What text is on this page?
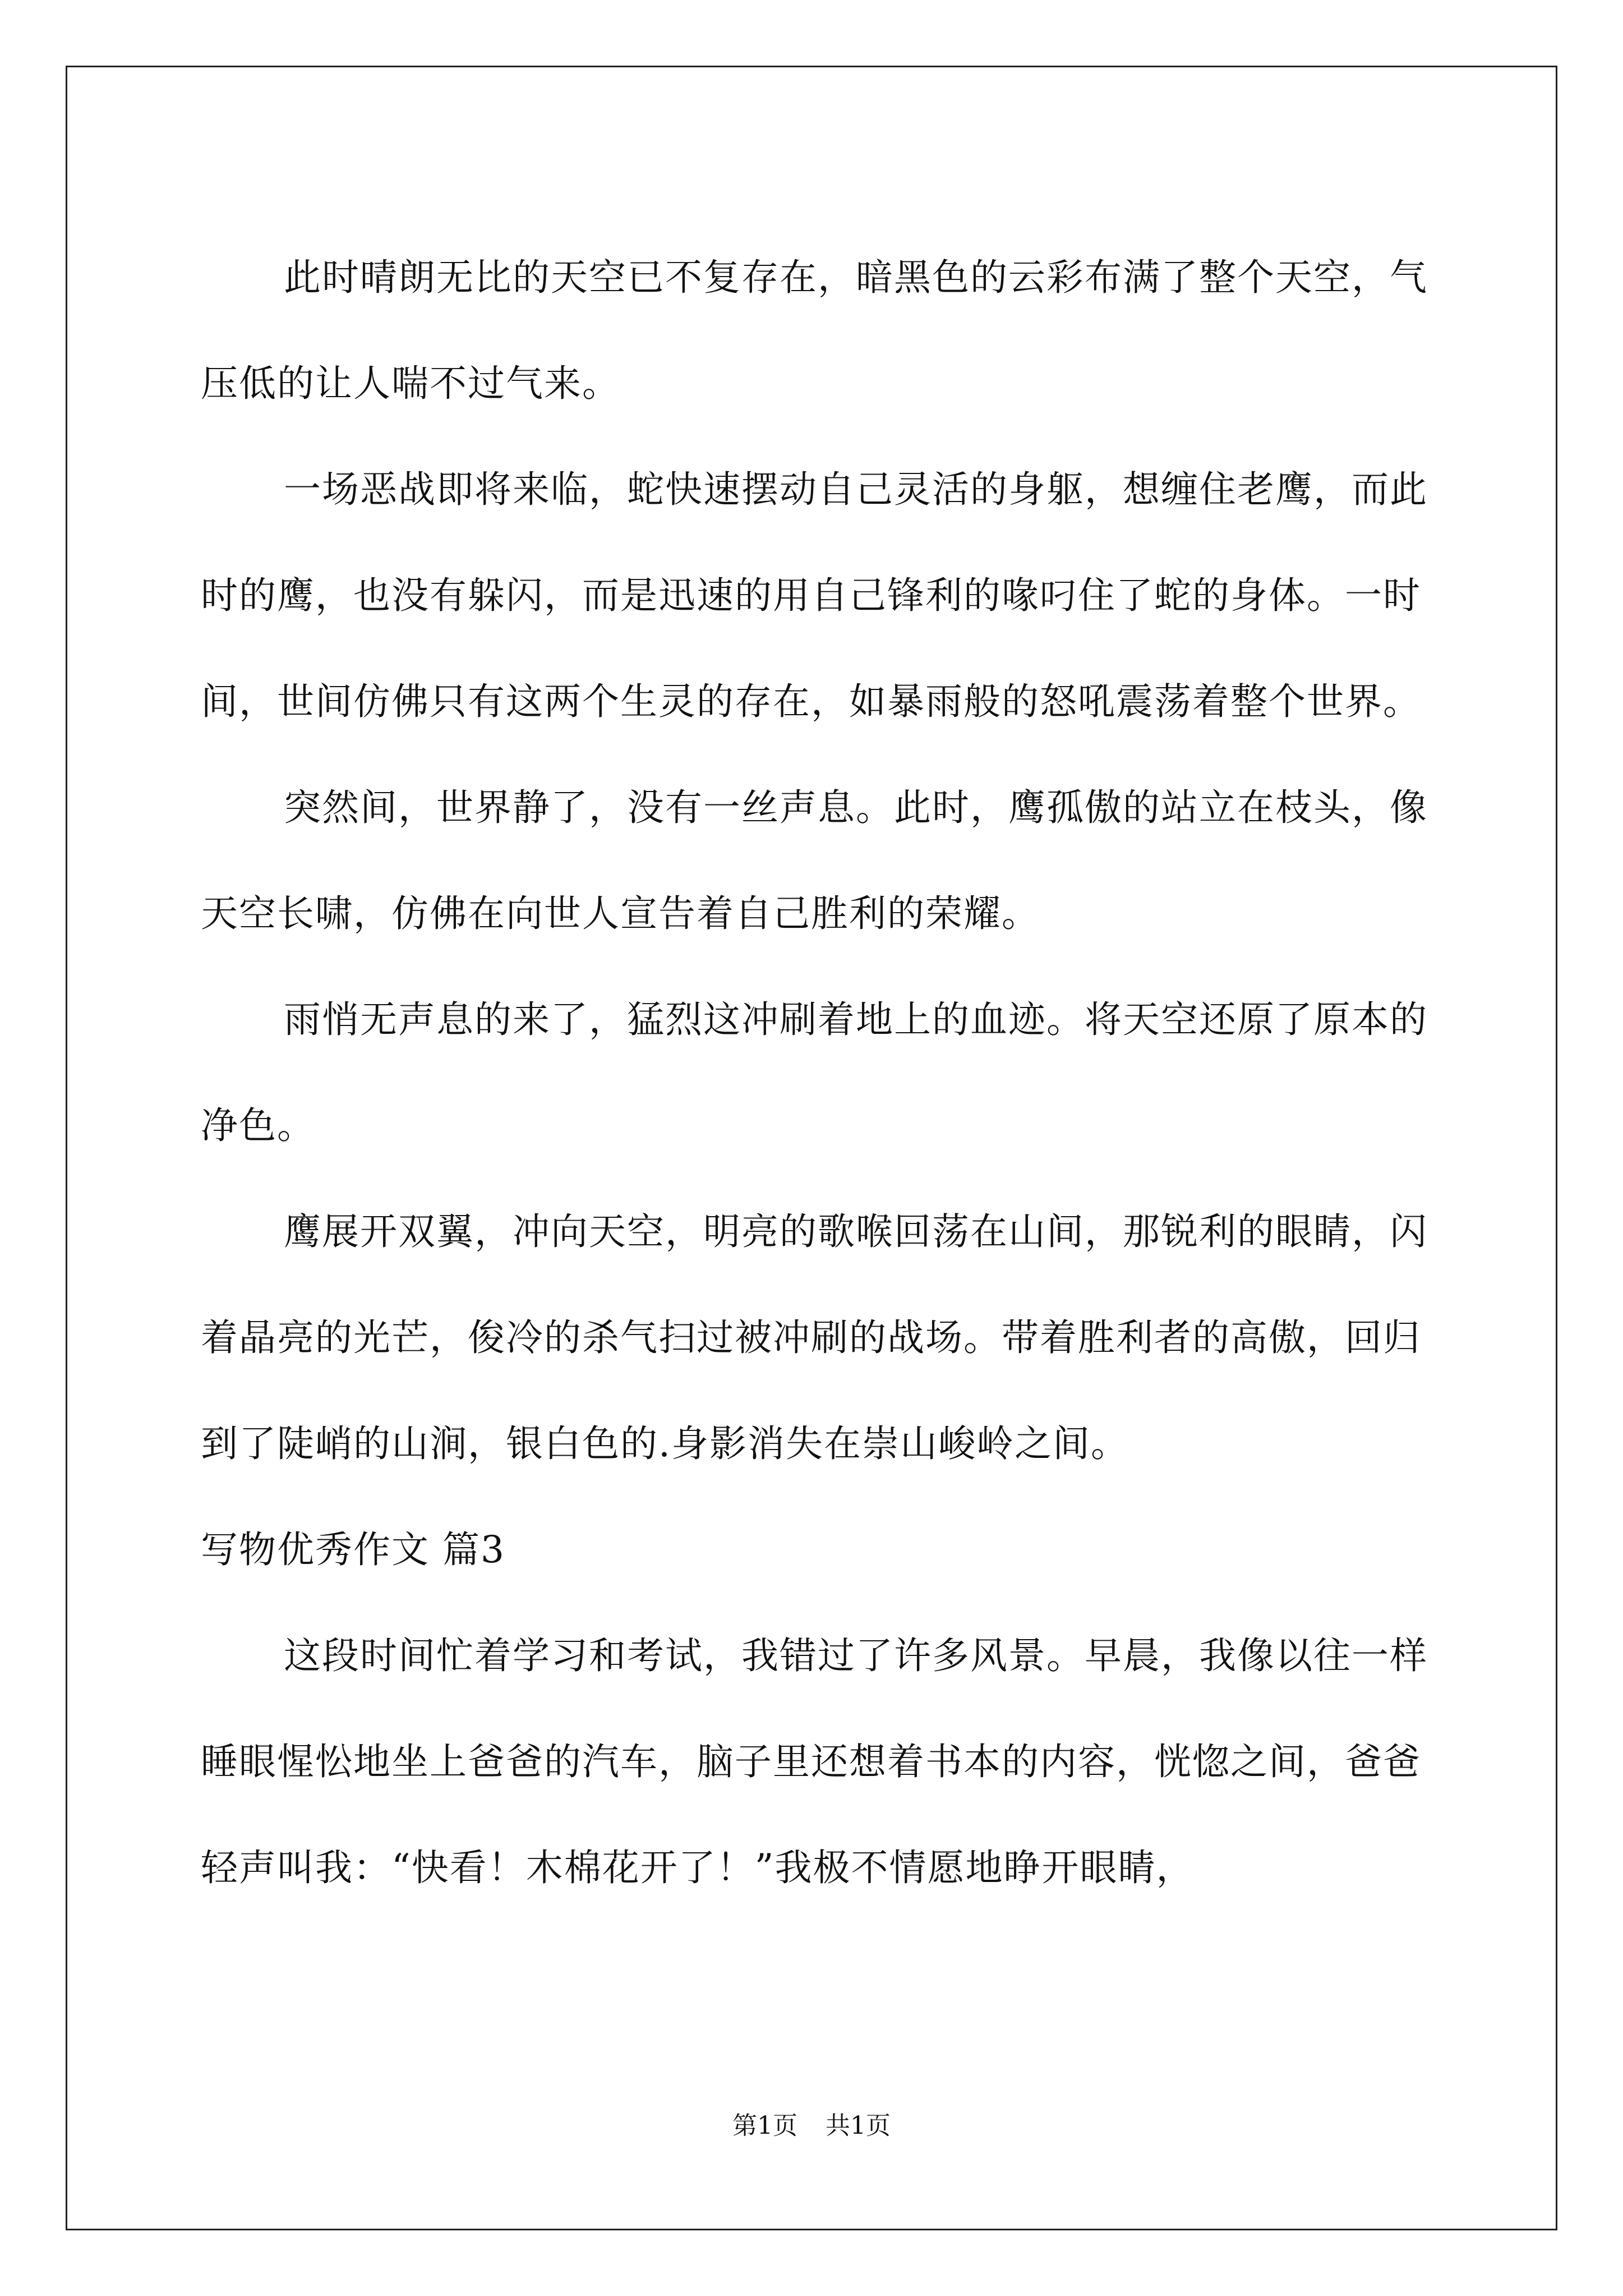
此时晴朗无比的天空已不复存在，暗黑色的云彩布满了整个天空，气压低的让人喘不过气来。

一场恶战即将来临，蛇快速摆动自己灵活的身躯，想缠住老鹰，而此时的鹰，也没有躲闪，而是迅速的用自己锋利的喙叼住了蛇的身体。一时间，世间仿佛只有这两个生灵的存在，如暴雨般的怒吼震荡着整个世界。

突然间，世界静了，没有一丝声息。此时，鹰孤傲的站立在枝头，像天空长啸，仿佛在向世人宣告着自己胜利的荣耀。

雨悄无声息的来了，猛烈这冲刷着地上的血迹。将天空还原了原本的净色。

鹰展开双翼，冲向天空，明亮的歌喉回荡在山间，那锐利的眼睛，闪着晶亮的光芒，俊冷的杀气扫过被冲刷的战场。带着胜利者的高傲，回归到了陡峭的山涧，银白色的.身影消失在崇山峻岭之间。

写物优秀作文 篇3

这段时间忙着学习和考试，我错过了许多风景。早晨，我像以往一样睡眼惺忪地坐上爸爸的汽车，脑子里还想着书本的内容，恍惚之间，爸爸轻声叫我：“快看！木棉花开了！”我极不情愿地睁开眼睛，

第1页 共1页
